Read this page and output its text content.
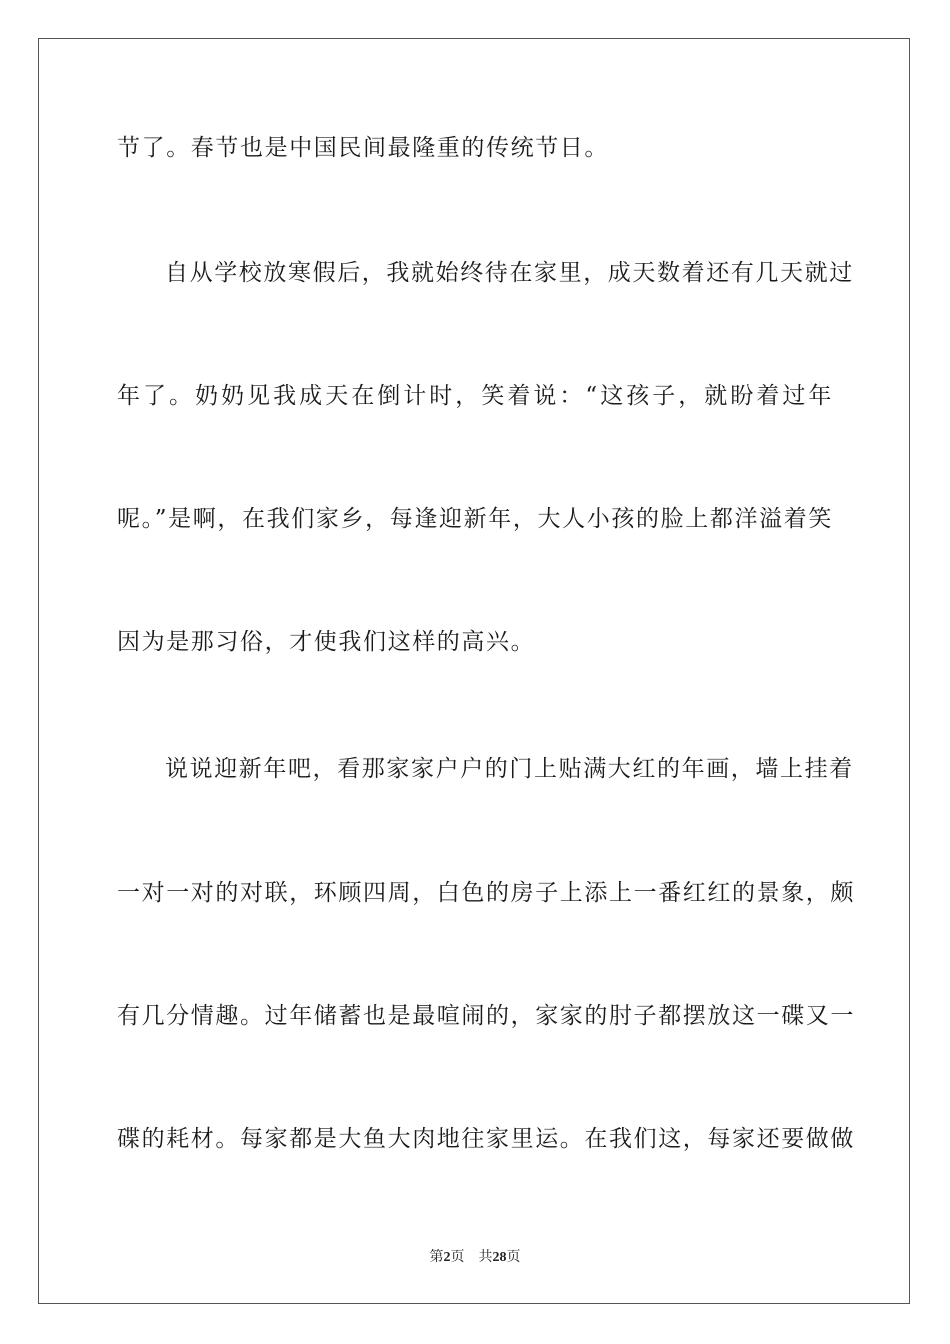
节了。春节也是中国民间最隆重的传统节日。
自从学校放寒假后，我就始终待在家里，成天数着还有几天就过
年了。奶奶见我成天在倒计时，笑着说：“这孩子，就盼着过年
呢。”是啊，在我们家乡，每逢迎新年，大人小孩的脸上都洋溢着笑
因为是那习俗，才使我们这样的高兴。
说说迎新年吧，看那家家户户的门上贴满大红的年画，墙上挂着
一对一对的对联，环顾四周，白色的房子上添上一番红红的景象，颇
有几分情趣。过年储蓄也是最喧闹的，家家的肘子都摆放这一碟又一
碟的耗材。每家都是大鱼大肉地往家里运。在我们这，每家还要做做
第2页 共28页
